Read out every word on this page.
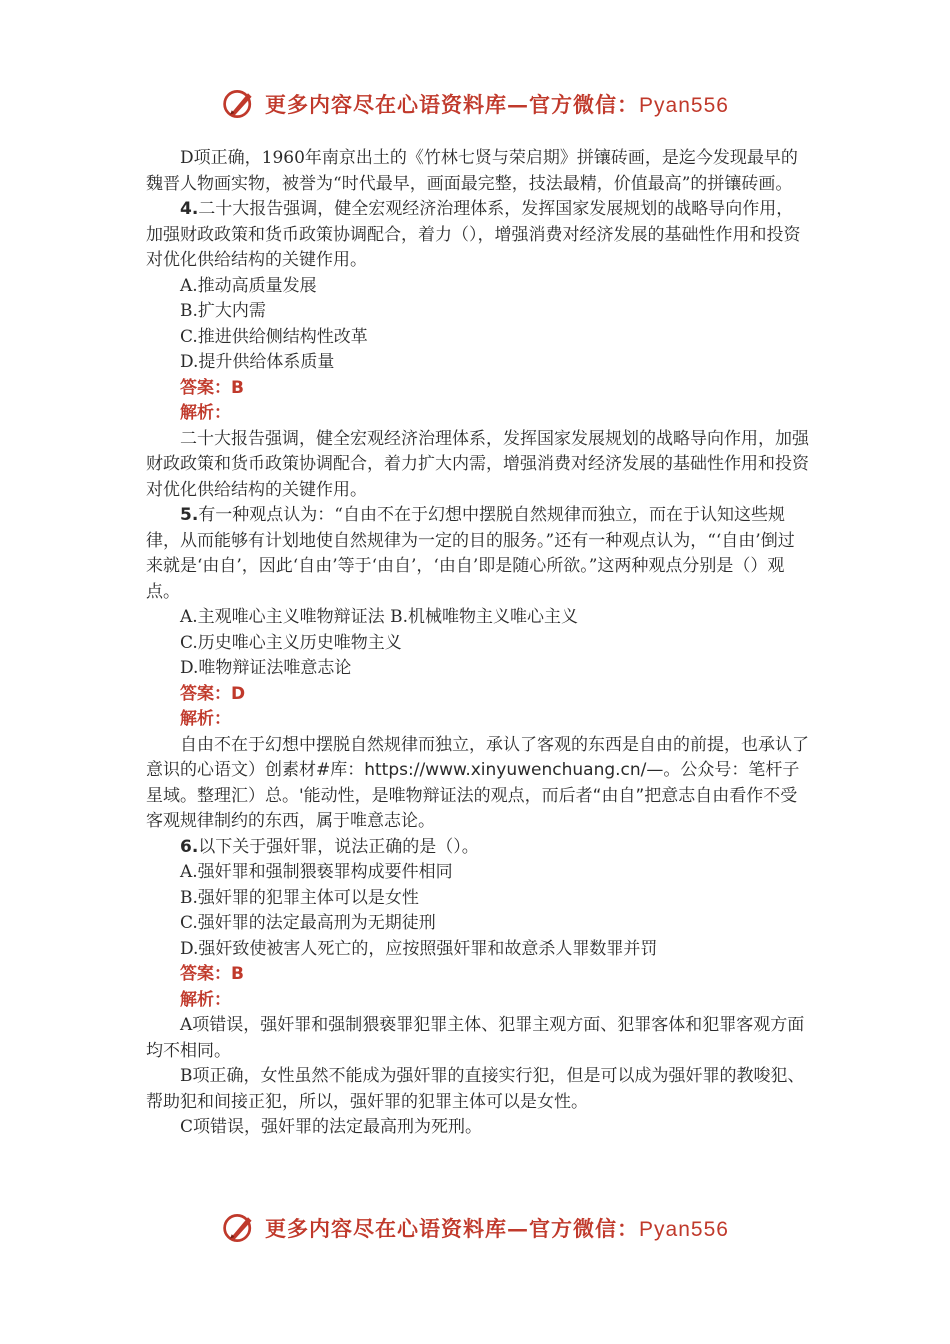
更多内容尽在心语资料库—官方微信：Pyan556

D项正确，1960年南京出土的《竹林七贤与荣启期》拼镶砖画，是迄今发现最早的魏晋人物画实物，被誉为“时代最早，画面最完整，技法最精，价值最高”的拼镶砖画。

4.二十大报告强调，健全宏观经济治理体系，发挥国家发展规划的战略导向作用，加强财政政策和货币政策协调配合，着力（），增强消费对经济发展的基础性作用和投资对优化供给结构的关键作用。

A.推动高质量发展

B.扩大内需

C.推进供给侧结构性改革

D.提升供给体系质量

答案：B

解析：

二十大报告强调，健全宏观经济治理体系，发挥国家发展规划的战略导向作用，加强财政政策和货币政策协调配合，着力扩大内需，增强消费对经济发展的基础性作用和投资对优化供给结构的关键作用。

5.有一种观点认为：“自由不在于幻想中摆脱自然规律而独立，而在于认知这些规律，从而能够有计划地使自然规律为一定的目的服务。”还有一种观点认为，“‘自由’倒过来就是‘由自’，因此‘自由’等于‘由自’，‘由自’即是随心所欲。”这两种观点分别是（）观点。

A.主观唯心主义唯物辩证法 B.机械唯物主义唯心主义

C.历史唯心主义历史唯物主义

D.唯物辩证法唯意志论

答案：D

解析：

自由不在于幻想中摆脱自然规律而独立，承认了客观的东西是自由的前提，也承认了意识的心语文）创素材#库：https://www.xinyuwenchuang.cn/—。公众号：笔杆子星域。整理汇）总。'能动性，是唯物辩证法的观点，而后者“由自”把意志自由看作不受客观规律制约的东西，属于唯意志论。

6.以下关于强奸罪，说法正确的是（）。

A.强奸罪和强制猥亵罪构成要件相同

B.强奸罪的犯罪主体可以是女性

C.强奸罪的法定最高刑为无期徒刑

D.强奸致使被害人死亡的，应按照强奸罪和故意杀人罪数罪并罚

答案：B

解析：

A项错误，强奸罪和强制猥亵罪犯罪主体、犯罪主观方面、犯罪客体和犯罪客观方面均不相同。

B项正确，女性虽然不能成为强奸罪的直接实行犯，但是可以成为强奸罪的教唆犯、帮助犯和间接正犯，所以，强奸罪的犯罪主体可以是女性。

C项错误，强奸罪的法定最高刑为死刑。

更多内容尽在心语资料库—官方微信：Pyan556
